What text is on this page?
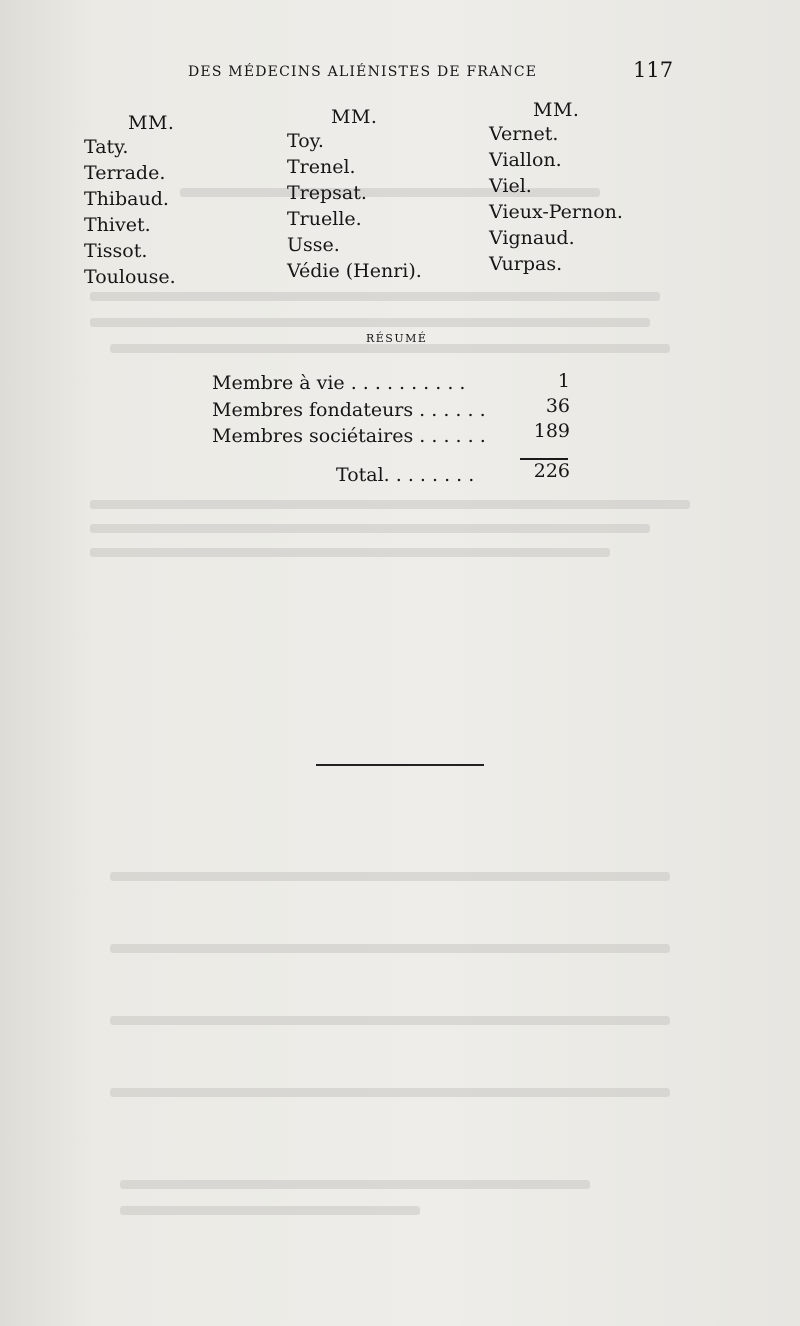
DES MÉDECINS ALIÉNISTES DE FRANCE	117
MM.
Taty.
Terrade.
Thibaud.
Thivet.
Tissot.
Toulouse.
MM.
Toy.
Trenel.
Trepsat.
Truelle.
Usse.
Védie (Henri).
MM.
Vernet.
Viallon.
Viel.
Vieux-Pernon.
Vignaud.
Vurpas.
RÉSUMÉ
Membre à vie . . . . . . . . . .	1
Membres fondateurs . . . . . .	36
Membres sociétaires . . . . . .	189
Total. . . . . . . .	226
